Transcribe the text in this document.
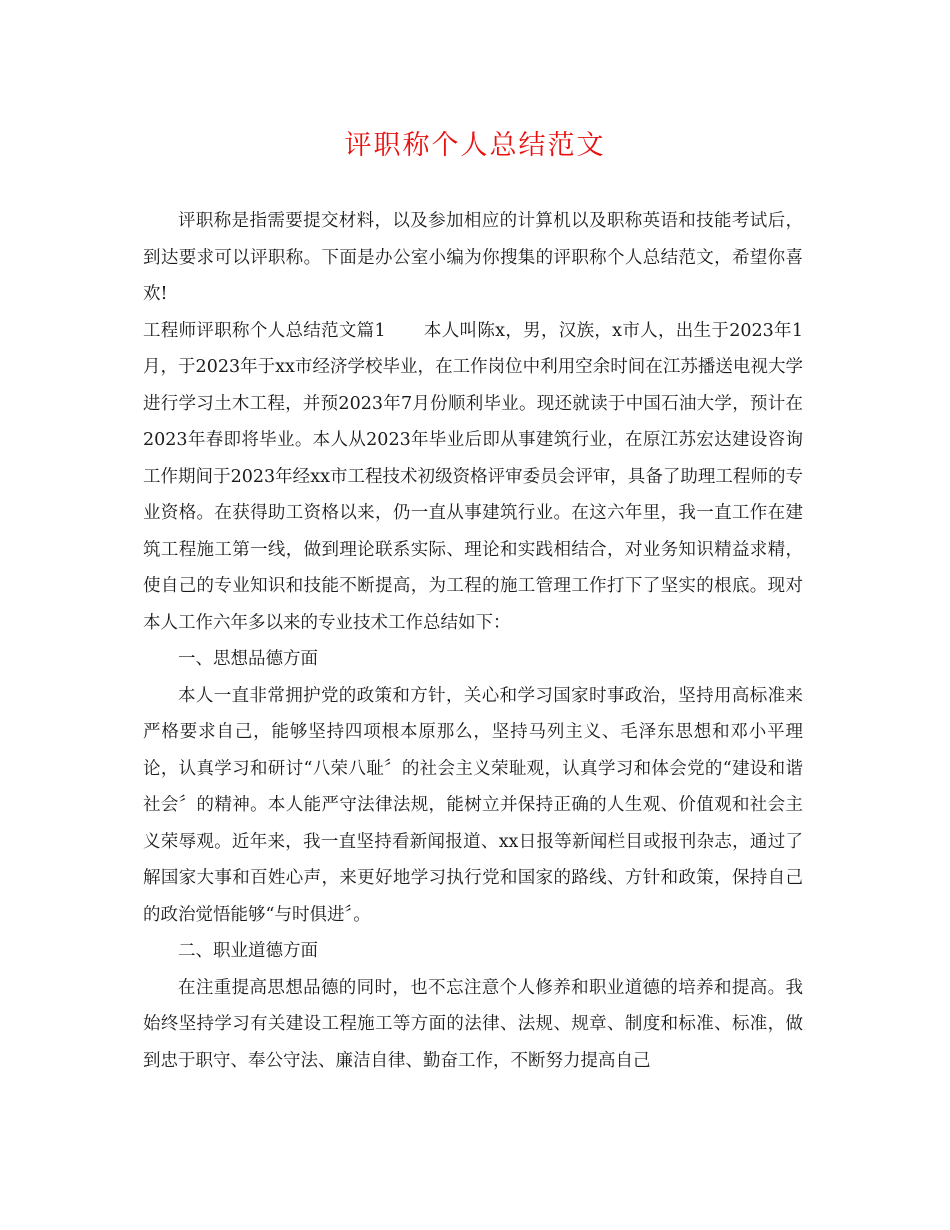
评职称个人总结范文

评职称是指需要提交材料，以及参加相应的计算机以及职称英语和技能考试后，到达要求可以评职称。下面是办公室小编为你搜集的评职称个人总结范文，希望你喜欢!

工程师评职称个人总结范文篇1 本人叫陈x，男，汉族，x市人，出生于2023年1月，于2023年于xx市经济学校毕业，在工作岗位中利用空余时间在江苏播送电视大学进行学习土木工程，并预2023年7月份顺利毕业。现还就读于中国石油大学，预计在2023年春即将毕业。本人从2023年毕业后即从事建筑行业，在原江苏宏达建设咨询工作期间于2023年经xx市工程技术初级资格评审委员会评审，具备了助理工程师的专业资格。在获得助工资格以来，仍一直从事建筑行业。在这六年里，我一直工作在建筑工程施工第一线，做到理论联系实际、理论和实践相结合，对业务知识精益求精，使自己的专业知识和技能不断提高，为工程的施工管理工作打下了坚实的根底。现对本人工作六年多以来的专业技术工作总结如下：

一、思想品德方面

本人一直非常拥护党的政策和方针，关心和学习国家时事政治，坚持用高标准来严格要求自己，能够坚持四项根本原那么，坚持马列主义、毛泽东思想和邓小平理论，认真学习和研讨“八荣八耻〞的社会主义荣耻观，认真学习和体会党的“建设和谐社会〞的精神。本人能严守法律法规，能树立并保持正确的人生观、价值观和社会主义荣辱观。近年来，我一直坚持看新闻报道、xx日报等新闻栏目或报刊杂志，通过了解国家大事和百姓心声，来更好地学习执行党和国家的路线、方针和政策，保持自己的政治觉悟能够“与时俱进〞。

二、职业道德方面

在注重提高思想品德的同时，也不忘注意个人修养和职业道德的培养和提高。我始终坚持学习有关建设工程施工等方面的法律、法规、规章、制度和标准、标准，做到忠于职守、奉公守法、廉洁自律、勤奋工作，不断努力提高自己
